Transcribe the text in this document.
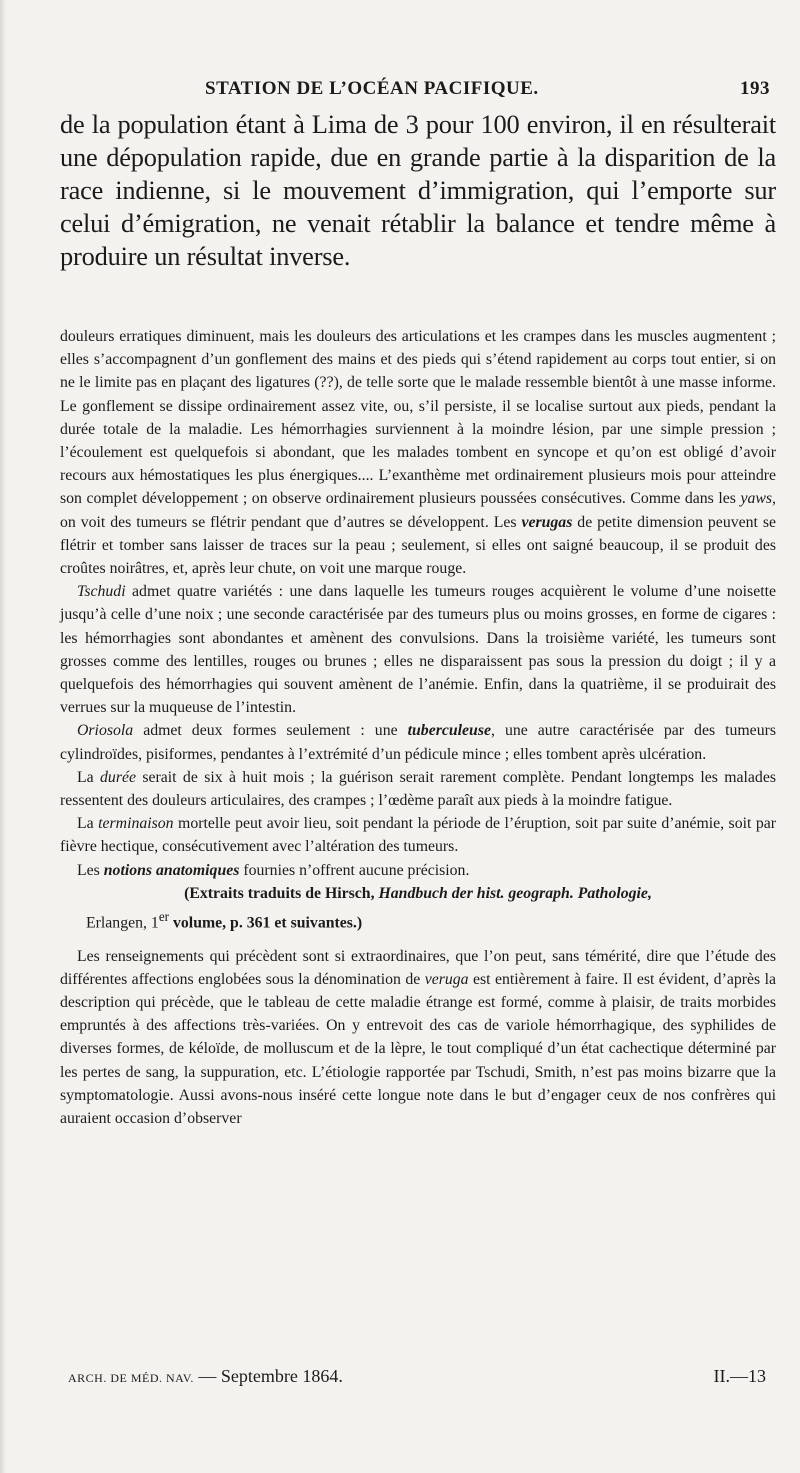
STATION DE L’OCÉAN PACIFIQUE.	193

de la population étant à Lima de 3 pour 100 environ, il en résulterait une dépopulation rapide, due en grande partie à la disparition de la race indienne, si le mouvement d’immigration, qui l’emporte sur celui d’émigration, ne venait rétablir la balance et tendre même à produire un résultat inverse.

douleurs erratiques diminuent, mais les douleurs des articulations et les crampes dans les muscles augmentent ; elles s’accompagnent d’un gonflement des mains et des pieds qui s’étend rapidement au corps tout entier, si on ne le limite pas en plaçant des ligatures (??), de telle sorte que le malade ressemble bientôt à une masse informe. Le gonflement se dissipe ordinairement assez vite, ou, s’il persiste, il se localise surtout aux pieds, pendant la durée totale de la maladie. Les hémorrhagies surviennent à la moindre lésion, par une simple pression ; l’écoulement est quelquefois si abondant, que les malades tombent en syncope et qu’on est obligé d’avoir recours aux hémostatiques les plus énergiques.... L’exanthème met ordinairement plusieurs mois pour atteindre son complet développement ; on observe ordinairement plusieurs poussées consécutives. Comme dans les yaws, on voit des tumeurs se flétrir pendant que d’autres se développent. Les verugas de petite dimension peuvent se flétrir et tomber sans laisser de traces sur la peau ; seulement, si elles ont saigné beaucoup, il se produit des croûtes noirâtres, et, après leur chute, on voit une marque rouge.

Tschudi admet quatre variétés : une dans laquelle les tumeurs rouges acquièrent le volume d’une noisette jusqu’à celle d’une noix ; une seconde caractérisée par des tumeurs plus ou moins grosses, en forme de cigares : les hémorrhagies sont abondantes et amènent des convulsions. Dans la troisième variété, les tumeurs sont grosses comme des lentilles, rouges ou brunes ; elles ne disparaissent pas sous la pression du doigt ; il y a quelquefois des hémorrhagies qui souvent amènent de l’anémie. Enfin, dans la quatrième, il se produirait des verrues sur la muqueuse de l’intestin.

Oriosola admet deux formes seulement : une tuberculeuse, une autre caractérisée par des tumeurs cylindroïdes, pisiformes, pendantes à l’extrémité d’un pédicule mince ; elles tombent après ulcération.

La durée serait de six à huit mois ; la guérison serait rarement complète. Pendant longtemps les malades ressentent des douleurs articulaires, des crampes ; l’œdème paraît aux pieds à la moindre fatigue.

La terminaison mortelle peut avoir lieu, soit pendant la période de l’éruption, soit par suite d’anémie, soit par fièvre hectique, consécutivement avec l’altération des tumeurs.

Les notions anatomiques fournies n’offrent aucune précision.

(Extraits traduits de Hirsch, Handbuch der hist. geograph. Pathologie,

Erlangen, 1er volume, p. 361 et suivantes.)

Les renseignements qui précèdent sont si extraordinaires, que l’on peut, sans témérité, dire que l’étude des différentes affections englobées sous la dénomination de veruga est entièrement à faire. Il est évident, d’après la description qui précède, que le tableau de cette maladie étrange est formé, comme à plaisir, de traits morbides empruntés à des affections très-variées. On y entrevoit des cas de variole hémorrhagique, des syphilides de diverses formes, de kéloïde, de molluscum et de la lèpre, le tout compliqué d’un état cachectique déterminé par les pertes de sang, la suppuration, etc. L’étiologie rapportée par Tschudi, Smith, n’est pas moins bizarre que la symptomatologie. Aussi avons-nous inséré cette longue note dans le but d’engager ceux de nos confrères qui auraient occasion d’observer

ARCH. DE MÉD. NAV. — Septembre 1864.	II.—13
